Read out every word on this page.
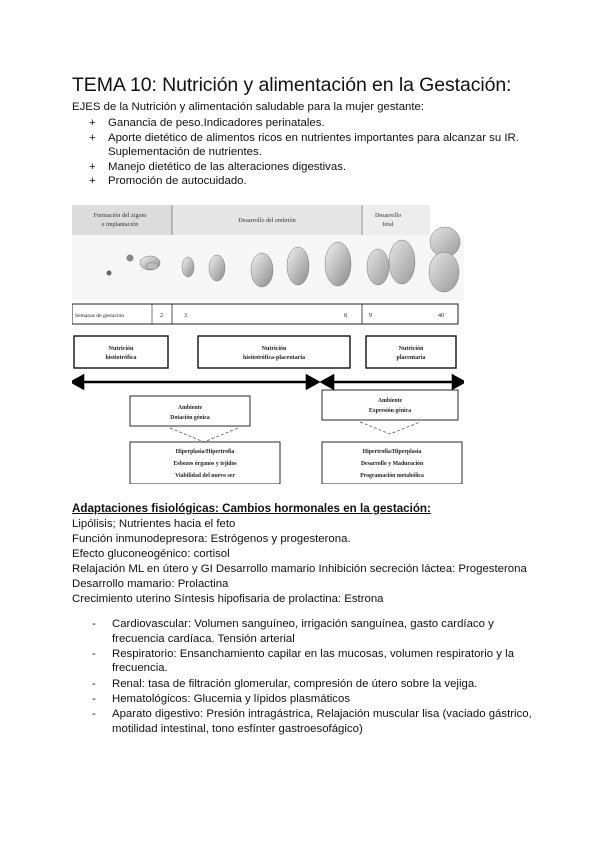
TEMA 10: Nutrición y alimentación en la Gestación:
EJES de la Nutrición y alimentación saludable para la mujer gestante:
+ Ganancia de peso.Indicadores perinatales.
+ Aporte dietético de alimentos ricos en nutrientes importantes para alcanzar su IR. Suplementación de nutrientes.
+ Manejo dietético de las alteraciones digestivas.
+ Promoción de autocuidado.
Formación del zigoto
e implantación
Desarrollo del embrión
Desarrollo
fetal
Semanas de gestación	2	3	8	9	40
Nutrición
histiotrófica
Nutrición
histiotrófica-placentaria
Nutrición
placentaria
Ambiente
Dotación génica
Ambiente
Expresión génica
Hiperplasia/Hipertrofia
Esbozos órganos y tejidos
Viabilidad del nuevo ser
Hipertrofia/Hiperplasia
Desarrollo y Maduración
Programación metabólica
Adaptaciones fisiológicas: Cambios hormonales en la gestación:
Lipólisis; Nutrientes hacia el feto
Función inmunodepresora: Estrógenos y progesterona.
Efecto gluconeogénico: cortisol
Relajación ML en útero y GI Desarrollo mamario Inhibición secreción láctea: Progesterona
Desarrollo mamario: Prolactina
Crecimiento uterino Síntesis hipofisaria de prolactina: Estrona
- Cardiovascular: Volumen sanguíneo, irrigación sanguínea, gasto cardíaco y frecuencia cardíaca. Tensión arterial
- Respiratorio: Ensanchamiento capilar en las mucosas, volumen respiratorio y la frecuencia.
- Renal: tasa de filtración glomerular, compresión de útero sobre la vejiga.
- Hematológicos: Glucemia y lípidos plasmáticos
- Aparato digestivo: Presión intragástrica, Relajación muscular lisa (vaciado gástrico, motilidad intestinal, tono esfínter gastroesofágico)
